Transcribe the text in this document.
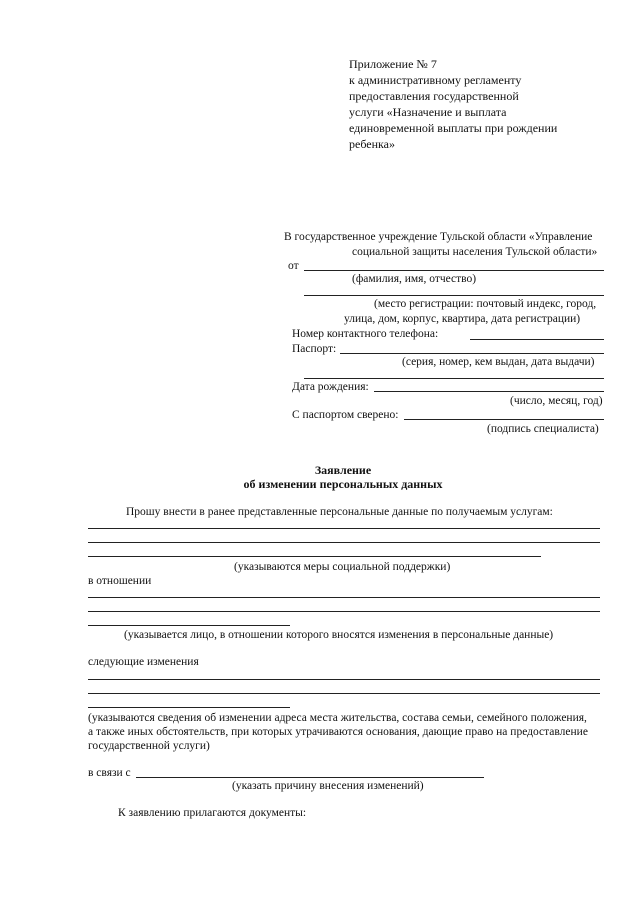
Приложение № 7
к административному регламенту
предоставления государственной
услуги «Назначение и выплата
единовременной выплаты при рождении
ребенка»
В государственное учреждение Тульской области «Управление
социальной защиты населения Тульской области»
от
(фамилия, имя, отчество)
(место регистрации: почтовый индекс, город,
улица, дом, корпус, квартира, дата регистрации)
Номер контактного телефона:
Паспорт:
(серия, номер, кем выдан, дата выдачи)
Дата рождения:
(число, месяц, год)
С паспортом сверено:
(подпись специалиста)
Заявление
об изменении персональных данных
Прошу внести в ранее представленные персональные данные по получаемым услугам:
(указываются меры социальной поддержки)
в отношении
(указывается лицо, в отношении которого вносятся изменения в персональные данные)
следующие изменения
(указываются сведения об изменении адреса места жительства, состава семьи, семейного положения,
а также иных обстоятельств, при которых утрачиваются основания, дающие право на предоставление
государственной услуги)
в связи с
(указать причину внесения изменений)
К заявлению прилагаются документы:
